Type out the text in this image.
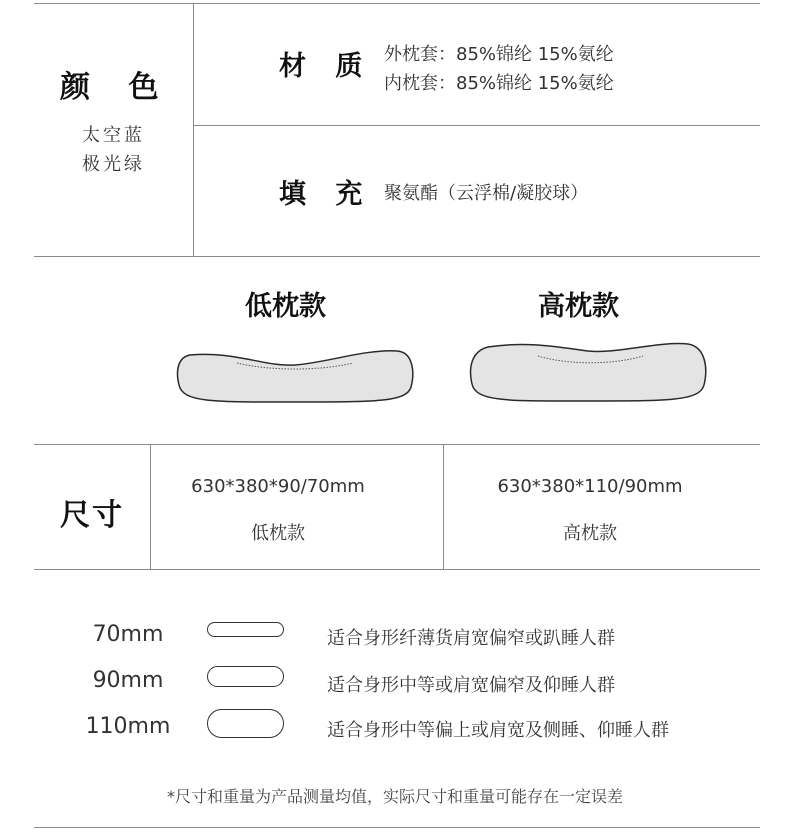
颜 色
太空蓝
极光绿
材 质 外枕套：85%锦纶 15%氨纶
内枕套：85%锦纶 15%氨纶
填 充 聚氨酯（云浮棉/凝胶球）
低枕款	高枕款
尺寸
630*380*90/70mm
低枕款
630*380*110/90mm
高枕款
70mm	适合身形纤薄货肩宽偏窄或趴睡人群
90mm	适合身形中等或肩宽偏窄及仰睡人群
110mm	适合身形中等偏上或肩宽及侧睡、仰睡人群
*尺寸和重量为产品测量均值，实际尺寸和重量可能存在一定误差
